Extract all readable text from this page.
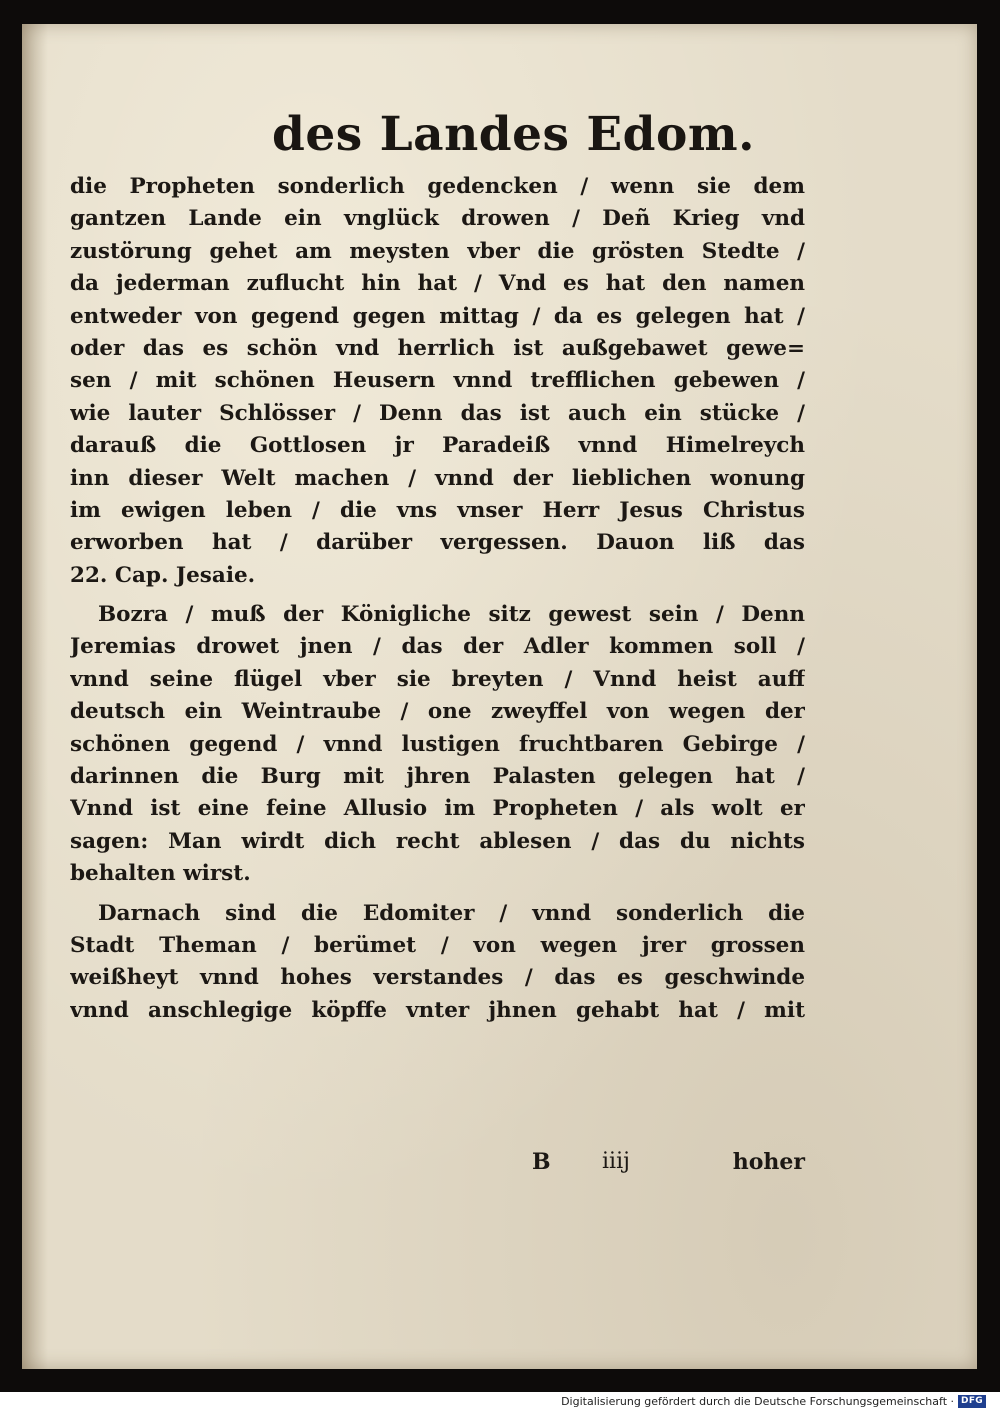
des Landes Edom.
die Propheten sonderlich gedencken / wenn sie dem
gantzen Lande ein vnglück drowen / Deñ Krieg vnd
zustörung gehet am meysten vber die grösten Stedte /
da jederman zuflucht hin hat / Vnd es hat den namen
entweder von gegend gegen mittag / da es gelegen hat /
oder das es schön vnd herrlich ist außgebawet gewe=
sen / mit schönen Heusern vnnd trefflichen gebewen /
wie lauter Schlösser / Denn das ist auch ein stücke /
darauß die Gottlosen jr Paradeiß vnnd Himelreych
inn dieser Welt machen / vnnd der lieblichen wonung
im ewigen leben / die vns vnser Herr Jesus Christus
erworben hat / darüber vergessen. Dauon liß das
22. Cap. Jesaie.
Bozra / muß der Königliche sitz gewest sein / Denn
Jeremias drowet jnen / das der Adler kommen soll /
vnnd seine flügel vber sie breyten / Vnnd heist auff
deutsch ein Weintraube / one zweyffel von wegen der
schönen gegend / vnnd lustigen fruchtbaren Gebirge /
darinnen die Burg mit jhren Palasten gelegen hat /
Vnnd ist eine feine Allusio im Propheten / als wolt er
sagen: Man wirdt dich recht ablesen / das du nichts
behalten wirst.
Darnach sind die Edomiter / vnnd sonderlich die
Stadt Theman / berümet / von wegen jrer grossen
weißheyt vnnd hohes verstandes / das es geschwinde
vnnd anschlegige köpffe vnter jhnen gehabt hat / mit
B iiij	hoher
Digitalisierung gefördert durch die Deutsche Forschungsgemeinschaft · DFG
